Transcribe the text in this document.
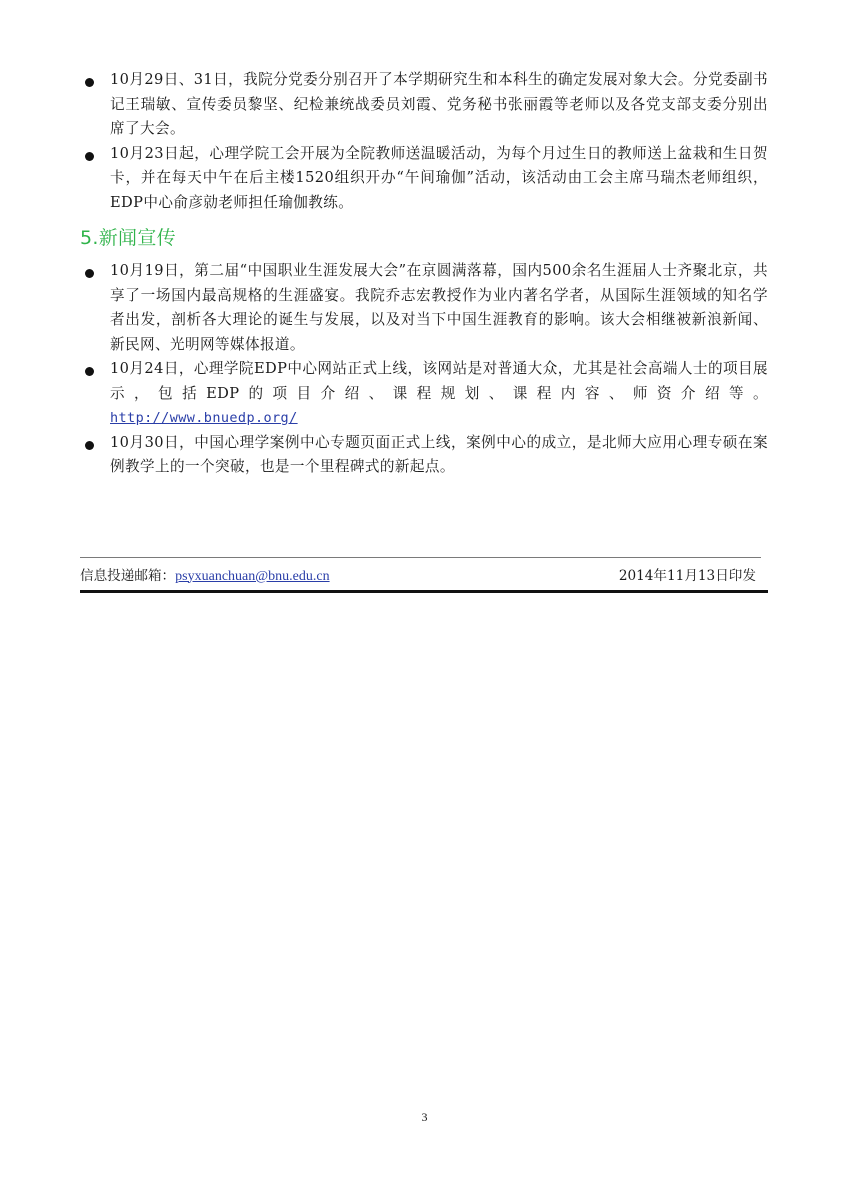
10月29日、31日，我院分党委分别召开了本学期研究生和本科生的确定发展对象大会。分党委副书记王瑞敏、宣传委员黎坚、纪检兼统战委员刘霞、党务秘书张丽霞等老师以及各党支部支委分别出席了大会。
10月23日起，心理学院工会开展为全院教师送温暖活动，为每个月过生日的教师送上盆栽和生日贺卡，并在每天中午在后主楼1520组织开办“午间瑜伽”活动，该活动由工会主席马瑞杰老师组织，EDP中心俞彦勍老师担任瑜伽教练。
5.新闻宣传
10月19日，第二届“中国职业生涯发展大会”在京圆满落幕，国内500余名生涯届人士齐聚北京，共享了一场国内最高规格的生涯盛宴。我院乔志宏教授作为业内著名学者，从国际生涯领域的知名学者出发，剖析各大理论的诞生与发展，以及对当下中国生涯教育的影响。该大会相继被新浪新闻、新民网、光明网等媒体报道。
10月24日，心理学院EDP中心网站正式上线，该网站是对普通大众，尤其是社会高端人士的项目展示，包括EDP的项目介绍、课程规划、课程内容、师资介绍等。
http://www.bnuedp.org/
10月30日，中国心理学案例中心专题页面正式上线，案例中心的成立，是北师大应用心理专硕在案例教学上的一个突破，也是一个里程碑式的新起点。
信息投递邮箱：psyxuanchuan@bnu.edu.cn	2014年11月13日印发
3
